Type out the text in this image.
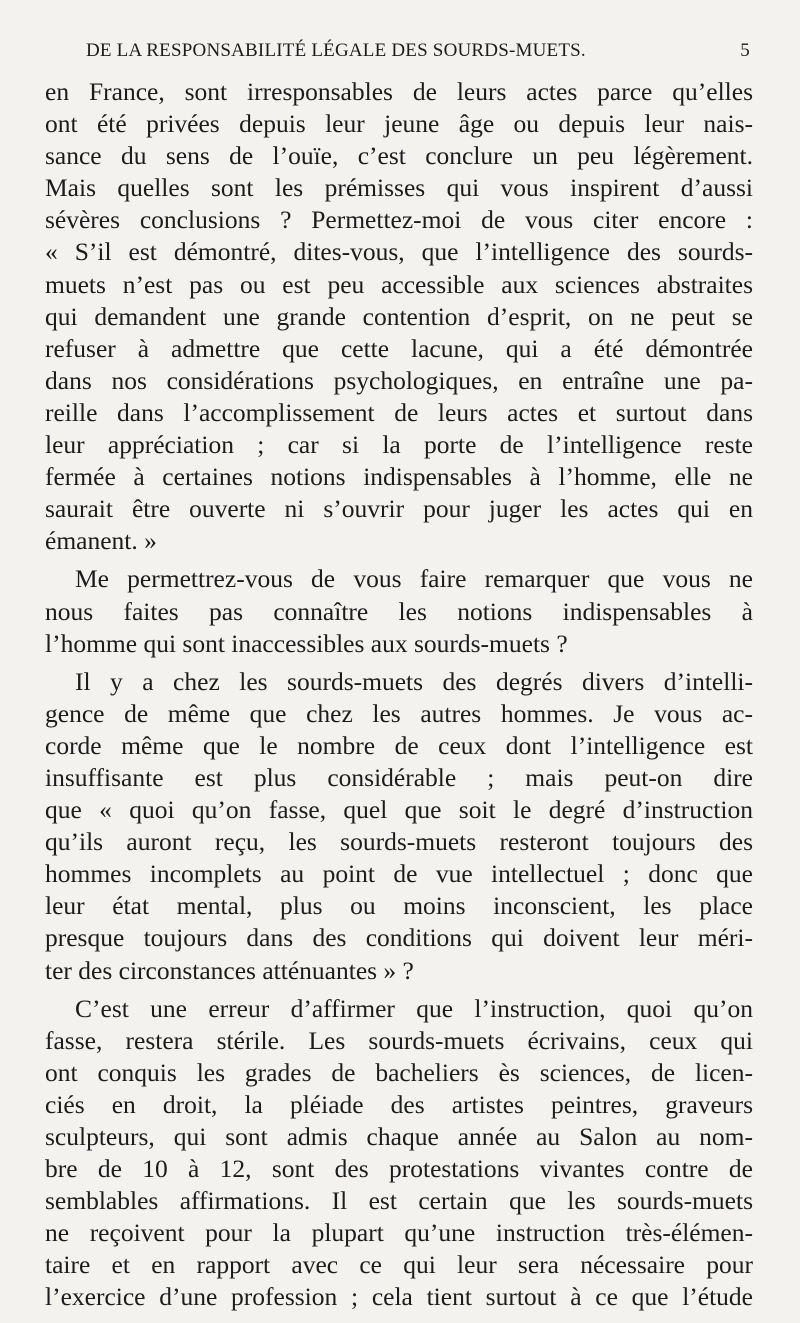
DE LA RESPONSABILITÉ LÉGALE DES SOURDS-MUETS.	5
en France, sont irresponsables de leurs actes parce qu’elles
ont été privées depuis leur jeune âge ou depuis leur nais-
sance du sens de l’ouïe, c’est conclure un peu légèrement.
Mais quelles sont les prémisses qui vous inspirent d’aussi
sévères conclusions ? Permettez-moi de vous citer encore :
« S’il est démontré, dites-vous, que l’intelligence des sourds-
muets n’est pas ou est peu accessible aux sciences abstraites
qui demandent une grande contention d’esprit, on ne peut se
refuser à admettre que cette lacune, qui a été démontrée
dans nos considérations psychologiques, en entraîne une pa-
reille dans l’accomplissement de leurs actes et surtout dans
leur appréciation ; car si la porte de l’intelligence reste
fermée à certaines notions indispensables à l’homme, elle ne
saurait être ouverte ni s’ouvrir pour juger les actes qui en
émanent. »
Me permettrez-vous de vous faire remarquer que vous ne
nous faites pas connaître les notions indispensables à
l’homme qui sont inaccessibles aux sourds-muets ?
Il y a chez les sourds-muets des degrés divers d’intelli-
gence de même que chez les autres hommes. Je vous ac-
corde même que le nombre de ceux dont l’intelligence est
insuffisante est plus considérable ; mais peut-on dire
que « quoi qu’on fasse, quel que soit le degré d’instruction
qu’ils auront reçu, les sourds-muets resteront toujours des
hommes incomplets au point de vue intellectuel ; donc que
leur état mental, plus ou moins inconscient, les place
presque toujours dans des conditions qui doivent leur méri-
ter des circonstances atténuantes » ?
C’est une erreur d’affirmer que l’instruction, quoi qu’on
fasse, restera stérile. Les sourds-muets écrivains, ceux qui
ont conquis les grades de bacheliers ès sciences, de licen-
ciés en droit, la pléiade des artistes peintres, graveurs
sculpteurs, qui sont admis chaque année au Salon au nom-
bre de 10 à 12, sont des protestations vivantes contre de
semblables affirmations. Il est certain que les sourds-muets
ne reçoivent pour la plupart qu’une instruction très-élémen-
taire et en rapport avec ce qui leur sera nécessaire pour
l’exercice d’une profession ; cela tient surtout à ce que l’étude
